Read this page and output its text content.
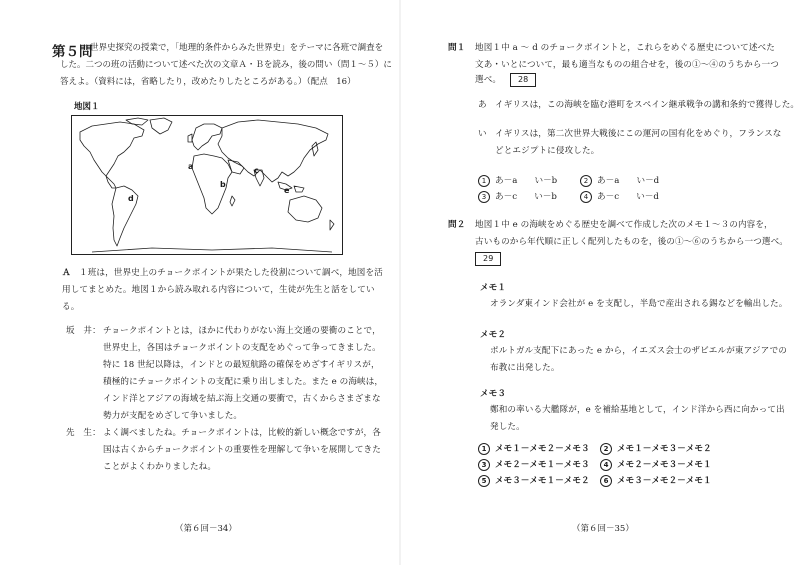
第５問
世界史探究の授業で，「地理的条件からみた世界史」をテーマに各班で調査を
した。二つの班の活動について述べた次の文章Ａ・Ｂを読み，後の問い（問１～５）に
答えよ。（資料には，省略したり，改めたりしたところがある。）（配点　16）
地図１
a
b
c
d
e
Ａ １班は，世界史上のチョークポイントが果たした役割について調べ，地図を活
用してまとめた。地図１から読み取れる内容について，生徒が先生と話をしてい
る。
坂　井： チョークポイントとは，ほかに代わりがない海上交通の要衝のことで，
世界史上，各国はチョークポイントの支配をめぐって争ってきました。
特に 18 世紀以降は，インドとの最短航路の確保をめざすイギリスが，
積極的にチョークポイントの支配に乗り出しました。また e の海峡は，
インド洋とアジアの海域を結ぶ海上交通の要衝で，古くからさまざまな
勢力が支配をめざして争いました。
先　生： よく調べましたね。チョークポイントは，比較的新しい概念ですが，各
国は古くからチョークポイントの重要性を理解して争いを展開してきた
ことがよくわかりましたね。
（第６回－34）
問１ 地図１中 a ～ d のチョークポイントと，これらをめぐる歴史について述べた
文あ・いとについて，最も適当なものの組合せを，後の①～④のうちから一つ
選べ。 28
あ イギリスは，この海峡を臨む港町をスペイン継承戦争の講和条約で獲得した。
い イギリスは，第二次世界大戦後にこの運河の国有化をめぐり，フランスな
どとエジプトに侵攻した。
1 あ－a　　い－b	2 あ－a　　い－d
3 あ－c　　い－b	4 あ－c　　い－d
問２ 地図１中 e の海峡をめぐる歴史を調べて作成した次のメモ１～３の内容を，
古いものから年代順に正しく配列したものを，後の①～⑥のうちから一つ選べ。
29
メモ１
オランダ東インド会社が e を支配し，半島で産出される錫などを輸出した。
メモ２
ポルトガル支配下にあった e から，イエズス会士のザビエルが東アジアでの
布教に出発した。
メモ３
鄭和の率いる大艦隊が，e を補給基地として，インド洋から西に向かって出
発した。
1 メモ１－メモ２－メモ３	2 メモ１－メモ３－メモ２
3 メモ２－メモ１－メモ３	4 メモ２－メモ３－メモ１
5 メモ３－メモ１－メモ２	6 メモ３－メモ２－メモ１
（第６回－35）
